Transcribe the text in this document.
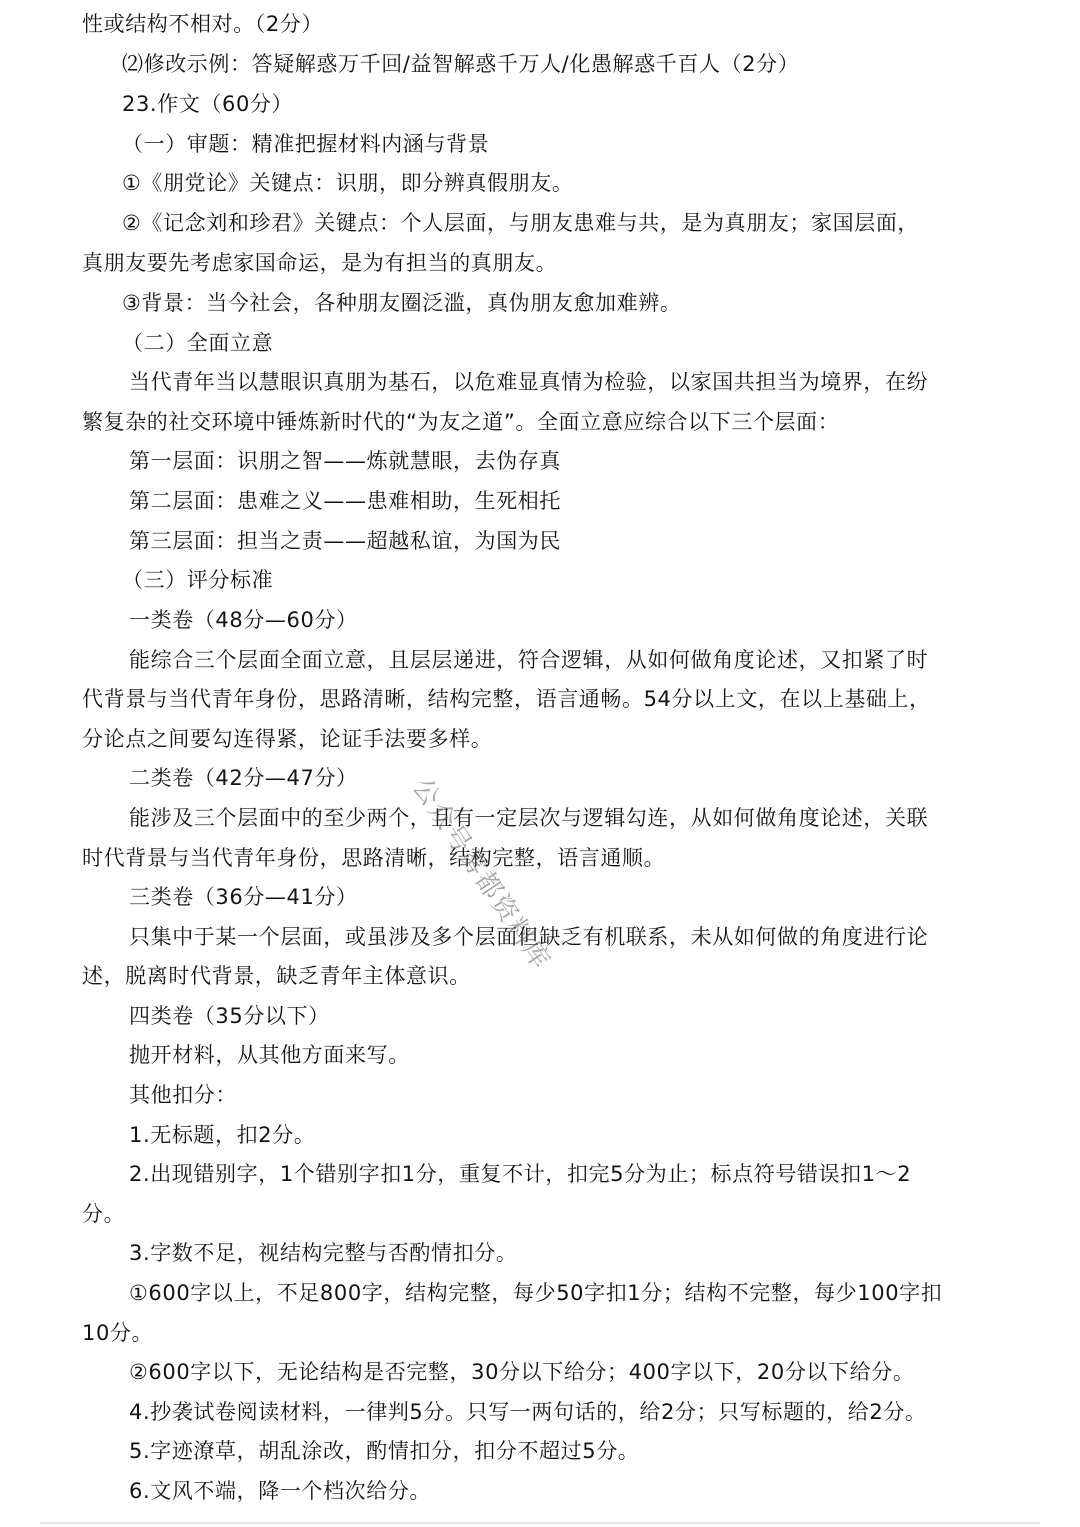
性或结构不相对。（2分）
⑵修改示例：答疑解惑万千回/益智解惑千万人/化愚解惑千百人（2分）
23.作文（60分）
（一）审题：精准把握材料内涵与背景
①《朋党论》关键点：识朋，即分辨真假朋友。
②《记念刘和珍君》关键点：个人层面，与朋友患难与共，是为真朋友；家国层面，
真朋友要先考虑家国命运，是为有担当的真朋友。
③背景：当今社会，各种朋友圈泛滥，真伪朋友愈加难辨。
（二）全面立意
当代青年当以慧眼识真朋为基石，以危难显真情为检验，以家国共担当为境界，在纷
繁复杂的社交环境中锤炼新时代的“为友之道”。全面立意应综合以下三个层面：
第一层面：识朋之智——炼就慧眼，去伪存真
第二层面：患难之义——患难相助，生死相托
第三层面：担当之责——超越私谊，为国为民
（三）评分标准
一类卷（48分—60分）
能综合三个层面全面立意，且层层递进，符合逻辑，从如何做角度论述，又扣紧了时
代背景与当代青年身份，思路清晰，结构完整，语言通畅。54分以上文，在以上基础上，
分论点之间要勾连得紧，论证手法要多样。
二类卷（42分—47分）
能涉及三个层面中的至少两个，且有一定层次与逻辑勾连，从如何做角度论述，关联
时代背景与当代青年身份，思路清晰，结构完整，语言通顺。
三类卷（36分—41分）
只集中于某一个层面，或虽涉及多个层面但缺乏有机联系，未从如何做的角度进行论
述，脱离时代背景，缺乏青年主体意识。
四类卷（35分以下）
抛开材料，从其他方面来写。
其他扣分：
1.无标题，扣2分。
2.出现错别字，1个错别字扣1分，重复不计，扣完5分为止；标点符号错误扣1～2
分。
3.字数不足，视结构完整与否酌情扣分。
①600字以上，不足800字，结构完整，每少50字扣1分；结构不完整，每少100字扣
10分。
②600字以下，无论结构是否完整，30分以下给分；400字以下，20分以下给分。
4.抄袭试卷阅读材料，一律判5分。只写一两句话的，给2分；只写标题的，给2分。
5.字迹潦草，胡乱涂改，酌情扣分，扣分不超过5分。
6.文风不端，降一个档次给分。
公众号雾都资料库
